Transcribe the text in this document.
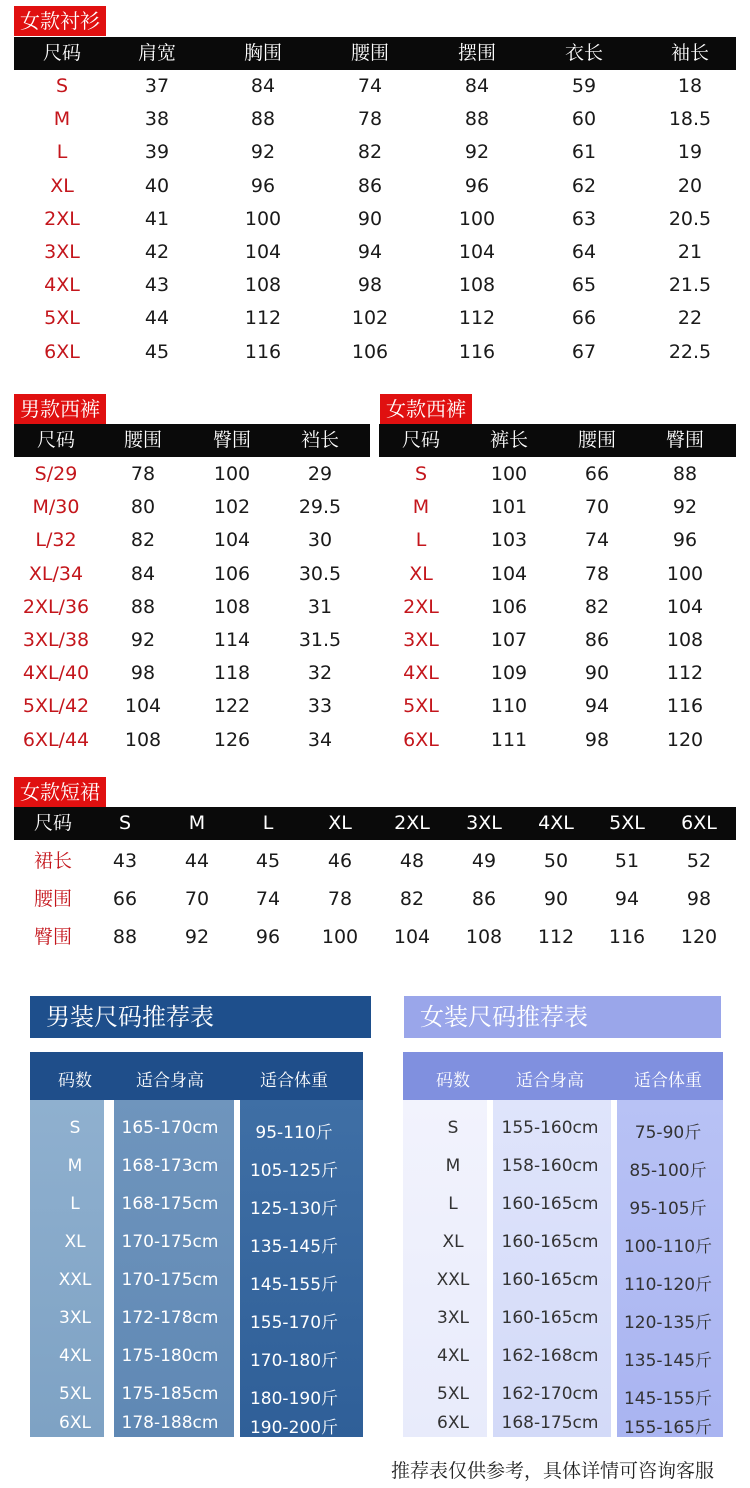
女款衬衫
尺码	肩宽	胸围	腰围	摆围	衣长	袖长
S	37	84	74	84	59	18
M	38	88	78	88	60	18.5
L	39	92	82	92	61	19
XL	40	96	86	96	62	20
2XL	41	100	90	100	63	20.5
3XL	42	104	94	104	64	21
4XL	43	108	98	108	65	21.5
5XL	44	112	102	112	66	22
6XL	45	116	106	116	67	22.5
男款西裤
尺码	腰围	臀围	裆长
S/29	78	100	29
M/30	80	102	29.5
L/32	82	104	30
XL/34	84	106	30.5
2XL/36 88	108	31
3XL/38 92	114	31.5
4XL/40 98	118	32
5XL/42 104	122	33
6XL/44 108	126	34
女款西裤
尺码	裤长	腰围	臀围
S	100	66	88
M	101	70	92
L	103	74	96
XL	104	78	100
2XL	106	82	104
3XL	107	86	108
4XL	109	90	112
5XL	110	94	116
6XL	111	98	120
女款短裙
尺码 S	M	L	XL 2XL 3XL 4XL 5XL 6XL
裙长 43	44 45	46	48	49	50 51	52
腰围 66	70 74	78	82	86	90 94	98
臀围 88	92 96 100 104 108 112 116 120
男装尺码推荐表
码数	适合身高	适合体重
S 165-170cm 95-110斤
M 168-173cm 105-125斤
L 168-175cm 125-130斤
XL 170-175cm 135-145斤
XXL 170-175cm 145-155斤
3XL 172-178cm 155-170斤
4XL 175-180cm 170-180斤
5XL 175-185cm 180-190斤
6XL 178-188cm 190-200斤
女装尺码推荐表
码数	适合身高	适合体重
S	155-160cm 75-90斤
M 158-160cm 85-100斤
L	160-165cm 95-105斤
XL 160-165cm 100-110斤
XXL 160-165cm 110-120斤
3XL 160-165cm 120-135斤
4XL 162-168cm 135-145斤
5XL 162-170cm 145-155斤
6XL 168-175cm 155-165斤
推荐表仅供参考，具体详情可咨询客服
